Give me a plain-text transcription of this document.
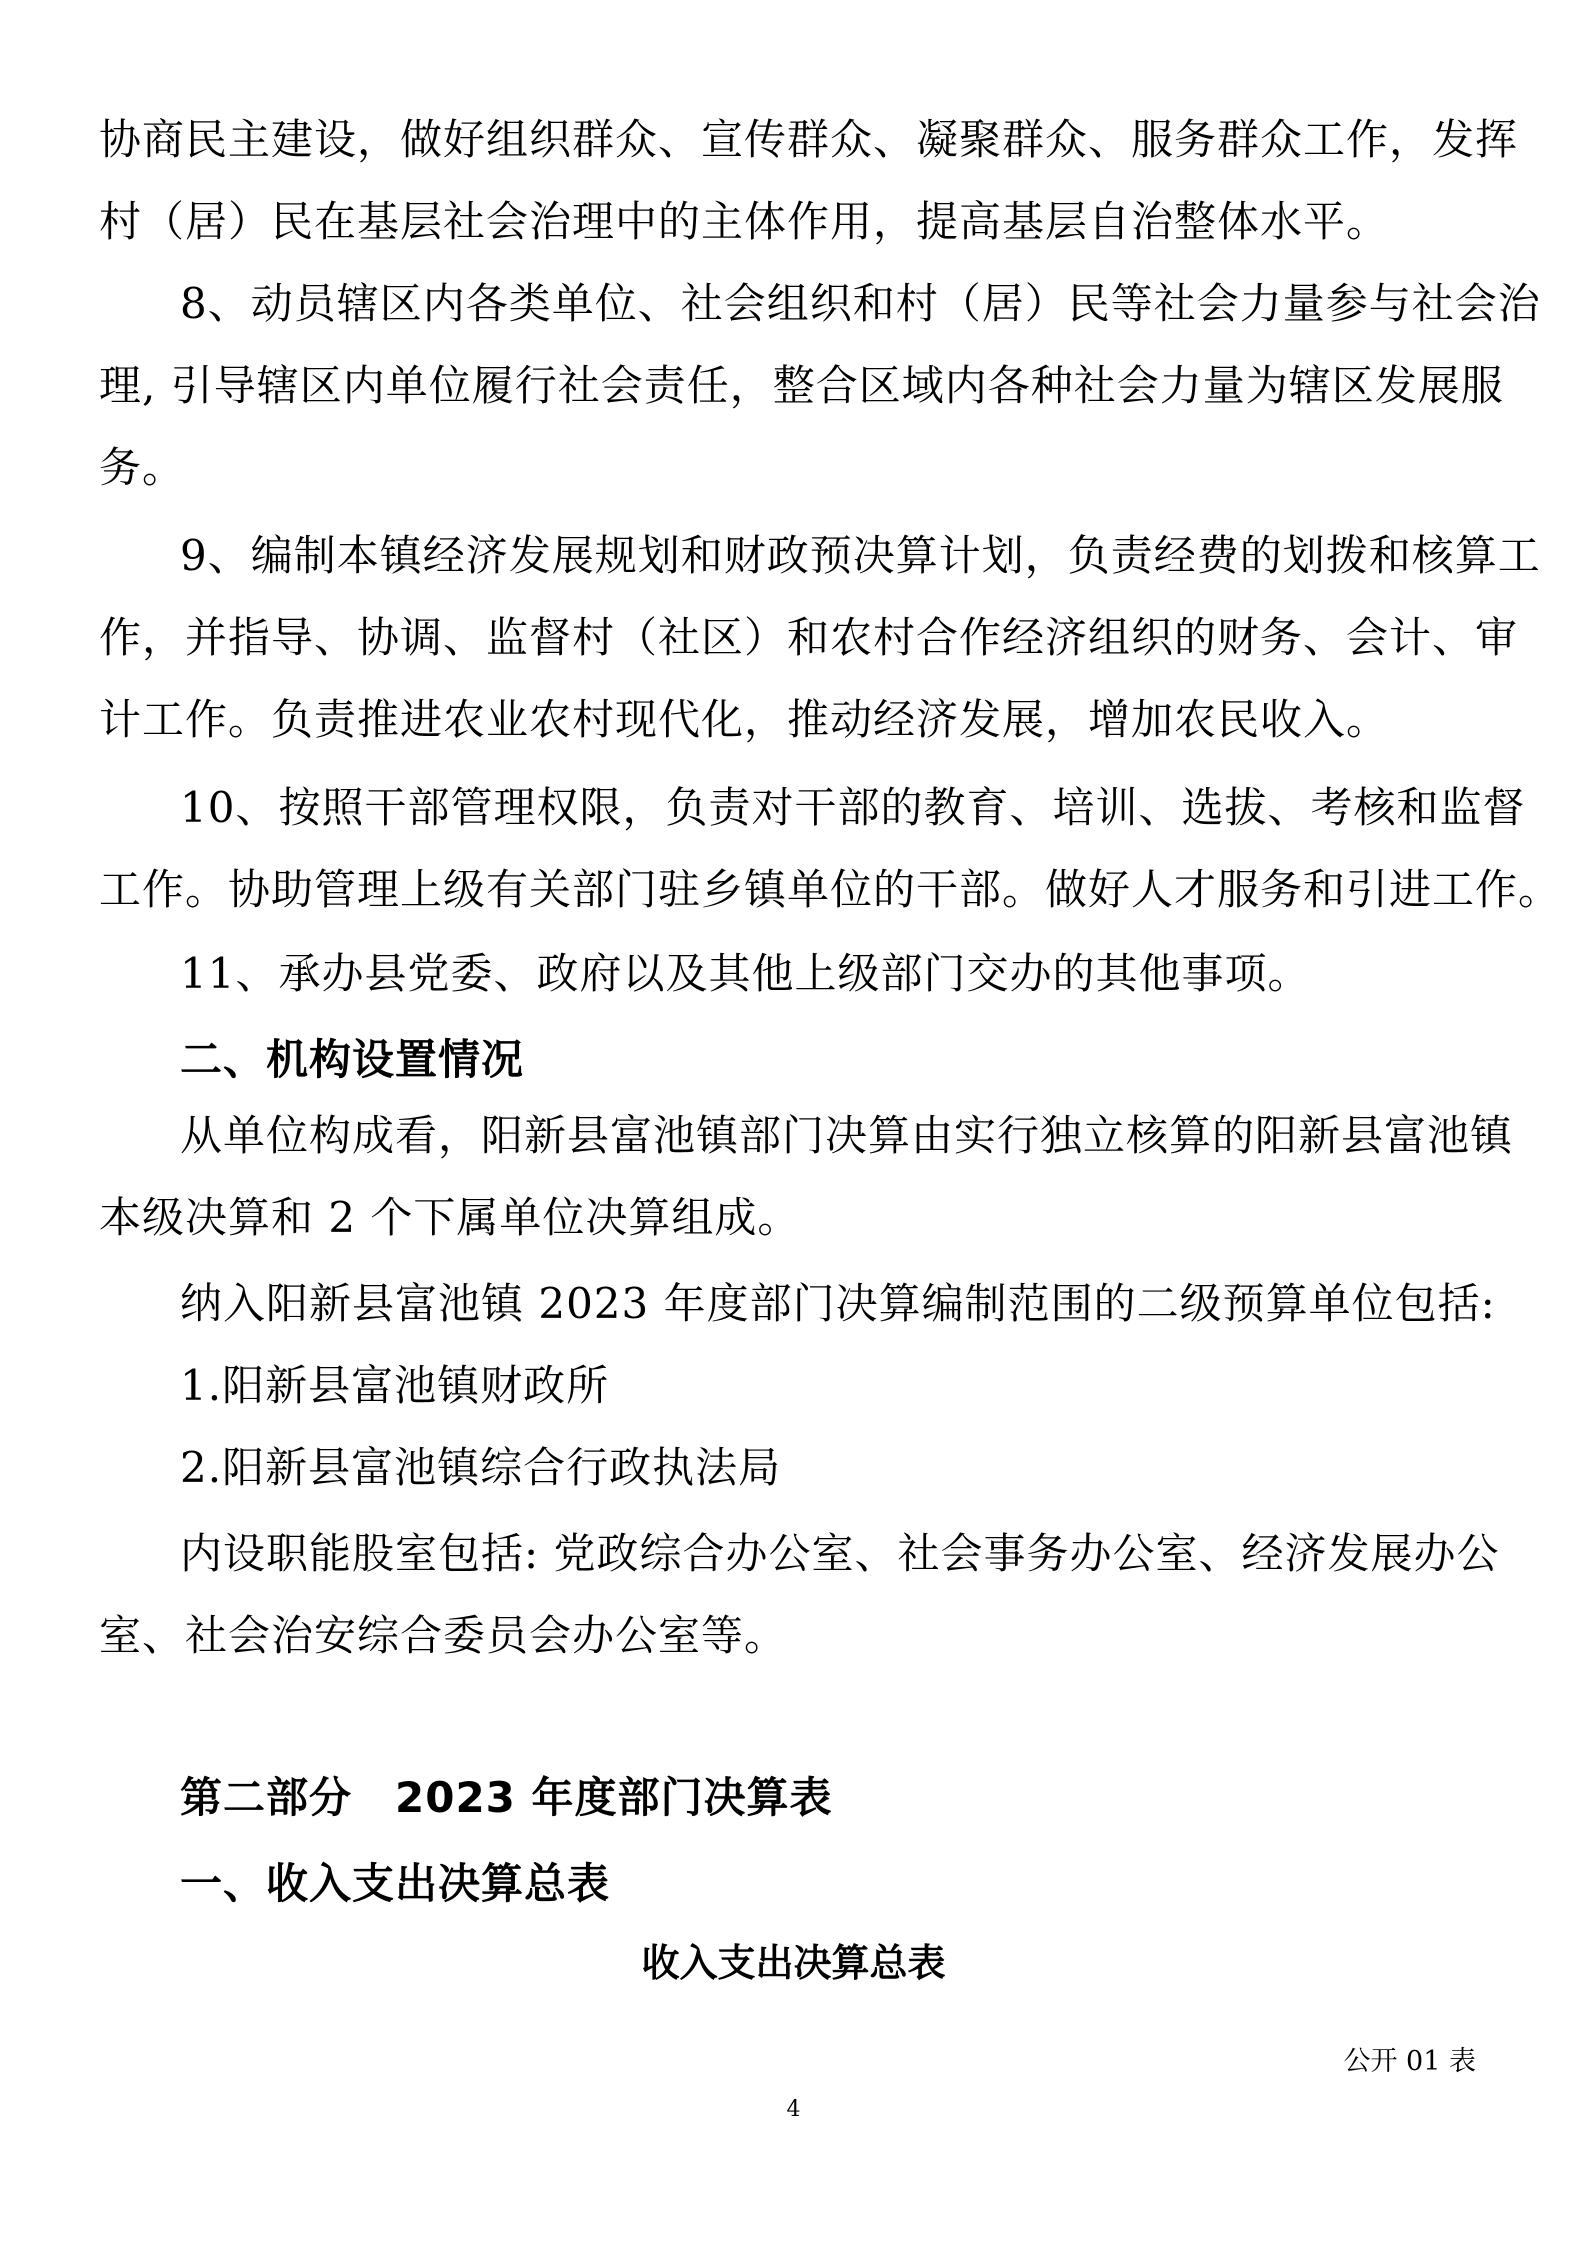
协商民主建设，做好组织群众、宣传群众、凝聚群众、服务群众工作，发挥
村（居）民在基层社会治理中的主体作用，提高基层自治整体水平。
8、动员辖区内各类单位、社会组织和村（居）民等社会力量参与社会治
理, 引导辖区内单位履行社会责任，整合区域内各种社会力量为辖区发展服
务。
9、编制本镇经济发展规划和财政预决算计划，负责经费的划拨和核算工
作，并指导、协调、监督村（社区）和农村合作经济组织的财务、会计、审
计工作。负责推进农业农村现代化，推动经济发展，增加农民收入。
10、按照干部管理权限，负责对干部的教育、培训、选拔、考核和监督
工作。协助管理上级有关部门驻乡镇单位的干部。做好人才服务和引进工作。
11、承办县党委、政府以及其他上级部门交办的其他事项。
二、机构设置情况
从单位构成看，阳新县富池镇部门决算由实行独立核算的阳新县富池镇
本级决算和 2 个下属单位决算组成。
纳入阳新县富池镇 2023 年度部门决算编制范围的二级预算单位包括:
1.阳新县富池镇财政所
2.阳新县富池镇综合行政执法局
内设职能股室包括: 党政综合办公室、社会事务办公室、经济发展办公
室、社会治安综合委员会办公室等。
第二部分　2023 年度部门决算表
一、收入支出决算总表
收入支出决算总表
公开 01 表
4
